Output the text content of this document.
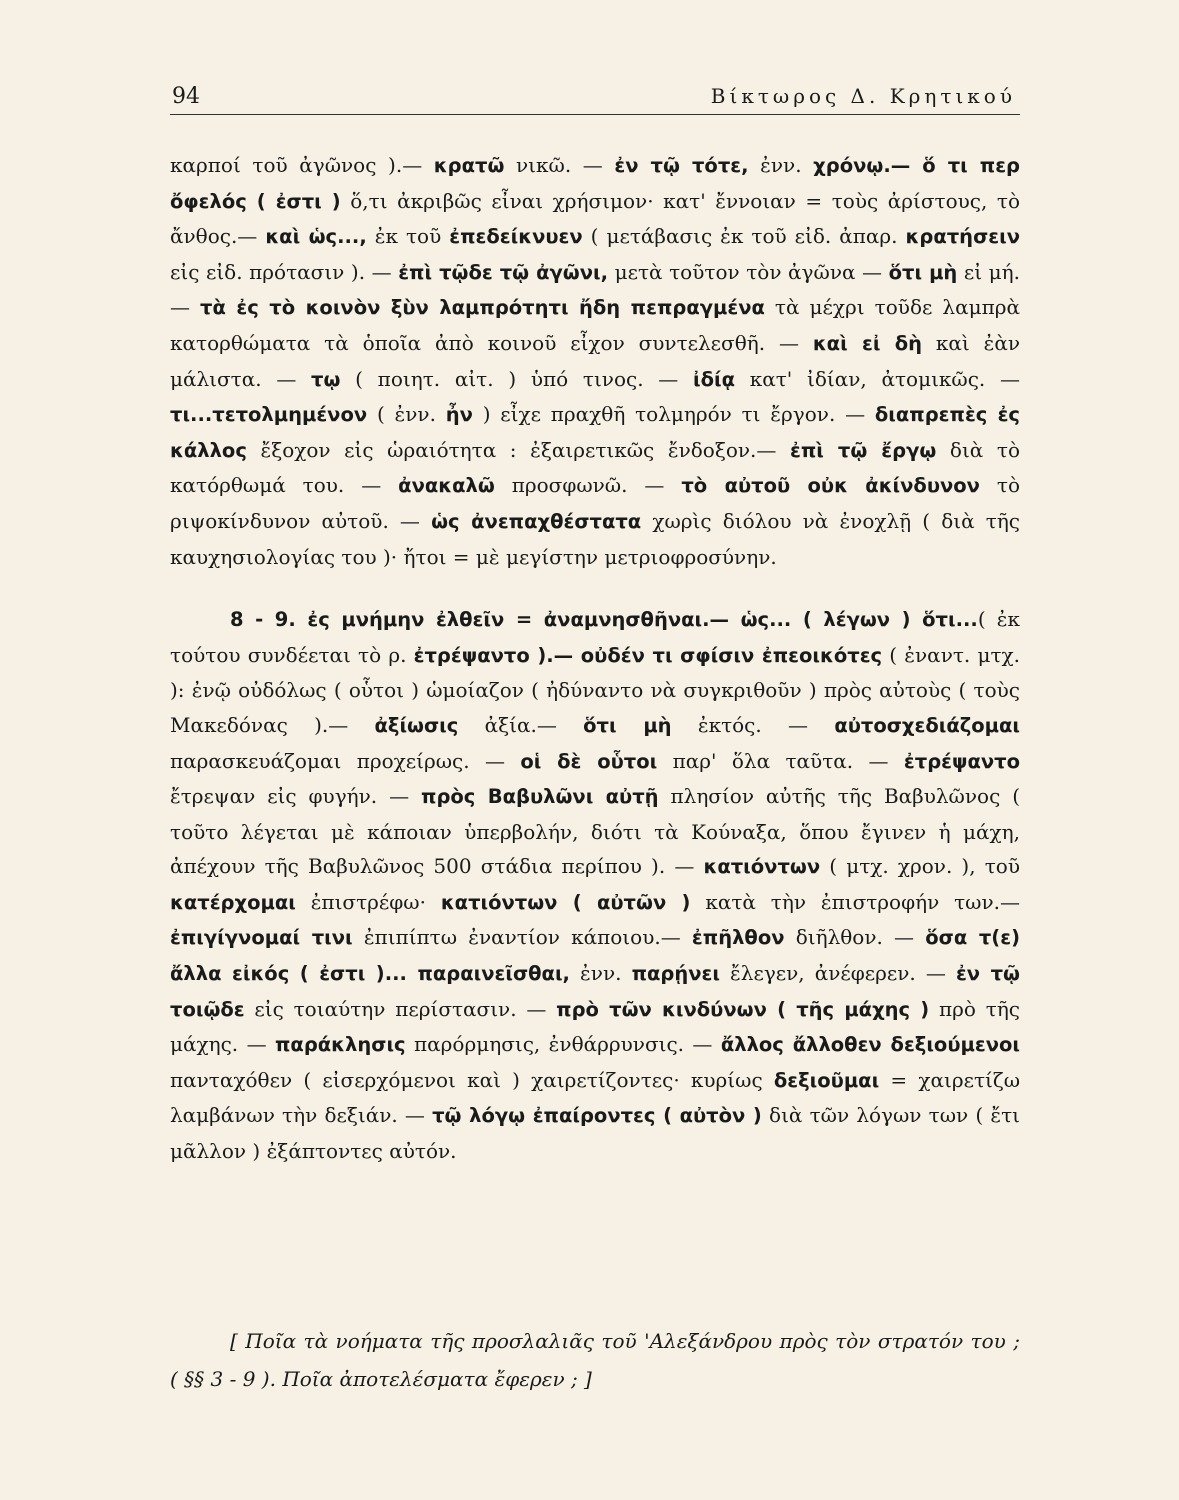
94	Βίκτωρος Δ. Κρητικού

καρποί τοῦ ἀγῶνος ).— κρατῶ νικῶ. — ἐν τῷ τότε, ἐνν. χρόνῳ.— ὅ τι περ ὄφελός ( ἐστι ) ὅ,τι ἀκριβῶς εἶναι χρήσιμον· κατ' ἔννοιαν = τοὺς ἀρίστους, τὸ ἄνθος.— καὶ ὡς..., ἐκ τοῦ ἐπεδείκνυεν ( μετάβασις ἐκ τοῦ εἰδ. ἀπαρ. κρατήσειν εἰς εἰδ. πρότασιν ). — ἐπὶ τῷδε τῷ ἀγῶνι, μετὰ τοῦτον τὸν ἀγῶνα — ὅτι μὴ εἰ μή. — τὰ ἐς τὸ κοινὸν ξὺν λαμπρότητι ἤδη πεπραγμένα τὰ μέχρι τοῦδε λαμπρὰ κατορθώματα τὰ ὁποῖα ἀπὸ κοινοῦ εἶχον συντελεσθῆ. — καὶ εἰ δὴ καὶ ἐὰν μάλιστα. — τῳ ( ποιητ. αἰτ. ) ὑπό τινος. — ἰδίᾳ κατ' ἰδίαν, ἀτομικῶς. — τι...τετολμημένον ( ἐνν. ἦν ) εἶχε πραχθῆ τολμηρόν τι ἔργον. — διαπρεπὲς ἐς κάλλος ἔξοχον εἰς ὡραιότητα : ἐξαιρετικῶς ἔνδοξον.— ἐπὶ τῷ ἔργῳ διὰ τὸ κατόρθωμά του. — ἀνακαλῶ προσφωνῶ. — τὸ αὐτοῦ οὐκ ἀκίνδυνον τὸ ριψοκίνδυνον αὐτοῦ. — ὡς ἀνεπαχθέστατα χωρὶς διόλου νὰ ἐνοχλῇ ( διὰ τῆς καυχησιολογίας του )· ἤτοι = μὲ μεγίστην μετριοφροσύνην.

8 - 9. ἐς μνήμην ἐλθεῖν = ἀναμνησθῆναι.— ὡς... ( λέγων ) ὅτι...( ἐκ τούτου συνδέεται τὸ ρ. ἐτρέψαντο ).— οὐδέν τι σφίσιν ἐπεοικότες ( ἐναντ. μτχ. ): ἐνῷ οὐδόλως ( οὗτοι ) ὡμοίαζον ( ἠδύναντο νὰ συγκριθοῦν ) πρὸς αὐτοὺς ( τοὺς Μακεδόνας ).— ἀξίωσις ἀξία.— ὅτι μὴ ἐκτός. — αὐτοσχεδιάζομαι παρασκευάζομαι προχείρως. — οἱ δὲ οὗτοι παρ' ὅλα ταῦτα. — ἐτρέψαντο ἔτρεψαν εἰς φυγήν. — πρὸς Βαβυλῶνι αὐτῇ πλησίον αὐτῆς τῆς Βαβυλῶνος ( τοῦτο λέγεται μὲ κάποιαν ὑπερβολήν, διότι τὰ Κούναξα, ὅπου ἔγινεν ἡ μάχη, ἀπέχουν τῆς Βαβυλῶνος 500 στάδια περίπου ). — κατιόντων ( μτχ. χρον. ), τοῦ κατέρχομαι ἐπιστρέφω· κατιόντων ( αὐτῶν ) κατὰ τὴν ἐπιστροφήν των.— ἐπιγίγνομαί τινι ἐπιπίπτω ἐναντίον κάποιου.— ἐπῆλθον διῆλθον. — ὅσα τ(ε) ἄλλα εἰκός ( ἐστι )... παραινεῖσθαι, ἐνν. παρῄνει ἔλεγεν, ἀνέφερεν. — ἐν τῷ τοιῷδε εἰς τοιαύτην περίστασιν. — πρὸ τῶν κινδύνων ( τῆς μάχης ) πρὸ τῆς μάχης. — παράκλησις παρόρμησις, ἐνθάρρυνσις. — ἄλλος ἄλλοθεν δεξιούμενοι πανταχόθεν ( εἰσερχόμενοι καὶ ) χαιρετίζοντες· κυρίως δεξιοῦμαι = χαιρετίζω λαμβάνων τὴν δεξιάν. — τῷ λόγῳ ἐπαίροντες ( αὐτὸν ) διὰ τῶν λόγων των ( ἔτι μᾶλλον ) ἐξάπτοντες αὐτόν.

[ Ποῖα τὰ νοήματα τῆς προσλαλιᾶς τοῦ 'Αλεξάνδρου πρὸς τὸν στρατόν του ; ( §§ 3 - 9 ). Ποῖα ἀποτελέσματα ἔφερεν ; ]
